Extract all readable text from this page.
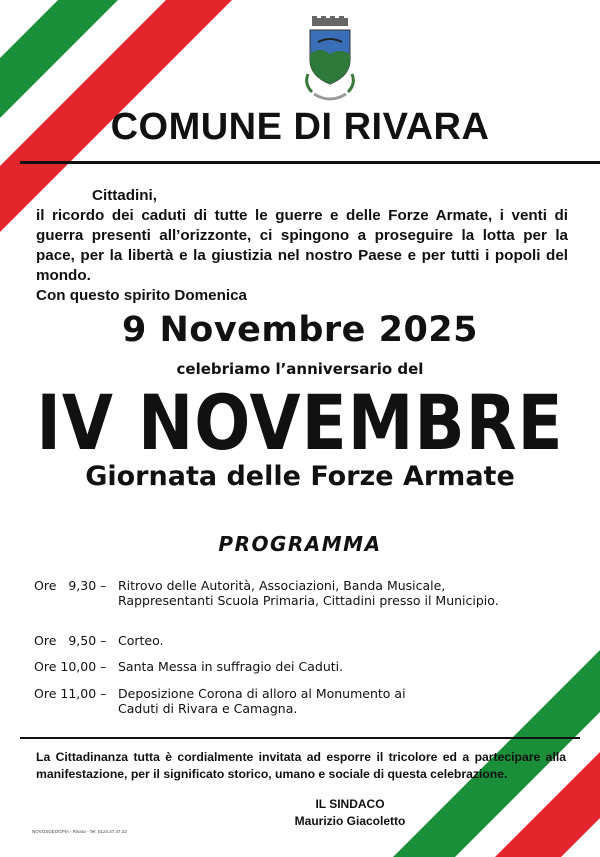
COMUNE DI RIVARA
Cittadini,
il ricordo dei caduti di tutte le guerre e delle Forze Armate, i venti di guerra presenti all’orizzonte, ci spingono a proseguire la lotta per la pace, per la libertà e la giustizia nel nostro Paese e per tutti i popoli del mondo.
Con questo spirito Domenica
9 Novembre 2025
celebriamo l’anniversario del
IV NOVEMBRE
Giornata delle Forze Armate
PROGRAMMA
Ore   9,30 – Ritrovo delle Autorità, Associazioni, Banda Musicale, Rappresentanti Scuola Primaria, Cittadini presso il Municipio.
Ore   9,50 – Corteo.
Ore 10,00 – Santa Messa in suffragio dei Caduti.
Ore 11,00 – Deposizione Corona di alloro al Monumento ai Caduti di Rivara e Camagna.
La Cittadinanza tutta è cordialmente invitata ad esporre il tricolore ed a partecipare alla manifestazione, per il significato storico, umano e sociale di questa celebrazione.
IL SINDACO
Maurizio Giacoletto
NOVOSGEOGPIA - Rivara - Tel. 0124.47.47.22
